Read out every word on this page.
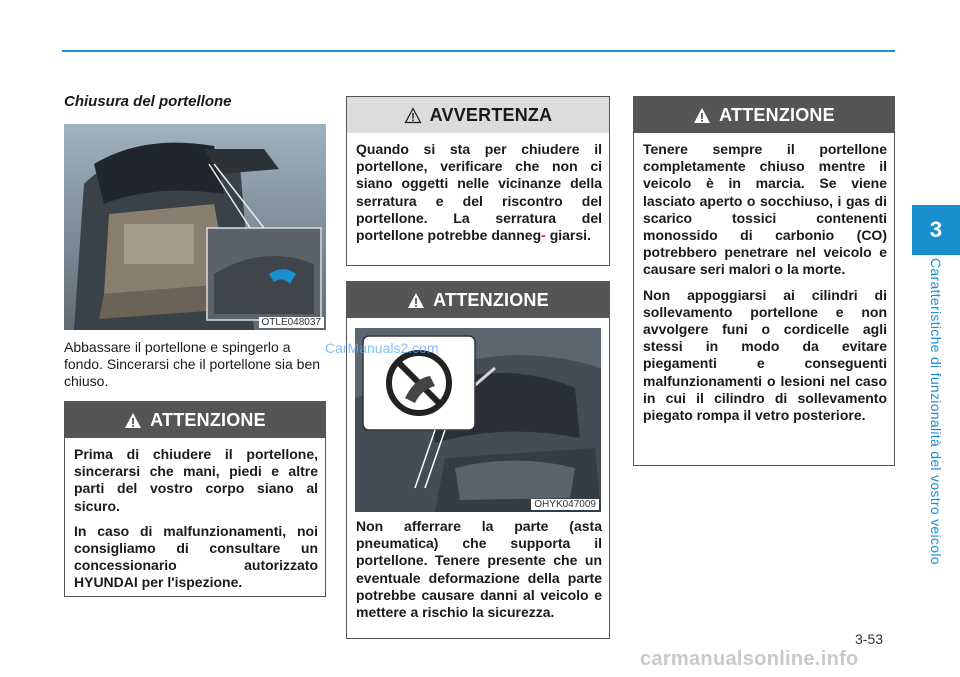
3
Caratteristiche di funzionalità del vostro veicolo
Chiusura del portellone
OTLE048037
Abbassare il portellone e spingerlo a fondo. Sincerarsi che il portellone sia ben chiuso.
ATTENZIONE

Prima di chiudere il portellone, sincerarsi che mani, piedi e altre parti del vostro corpo siano al sicuro.

In caso di malfunzionamenti, noi consigliamo di consultare un concessionario autorizzato HYUNDAI per l'ispezione.

AVVERTENZA
Quando si sta per chiudere il portellone, verificare che non ci siano oggetti nelle vicinanze della serratura e del riscontro del portellone. La serratura del portellone potrebbe danneg- giarsi.
ATTENZIONE
OHYK047009

Non afferrare la parte (asta pneumatica) che supporta il portellone. Tenere presente che un eventuale deformazione della parte potrebbe causare danni al veicolo e mettere a rischio la sicurezza.

ATTENZIONE

Tenere sempre il portellone completamente chiuso mentre il veicolo è in marcia. Se viene lasciato aperto o socchiuso, i gas di scarico tossici contenenti monossido di carbonio (CO) potrebbero penetrare nel veicolo e causare seri malori o la morte.

Non appoggiarsi ai cilindri di sollevamento portellone e non avvolgere funi o cordicelle agli stessi in modo da evitare piegamenti e conseguenti malfunzionamenti o lesioni nel caso in cui il cilindro di sollevamento piegato rompa il vetro posteriore.

CarManuals2.com
3-53
carmanualsonline.info
